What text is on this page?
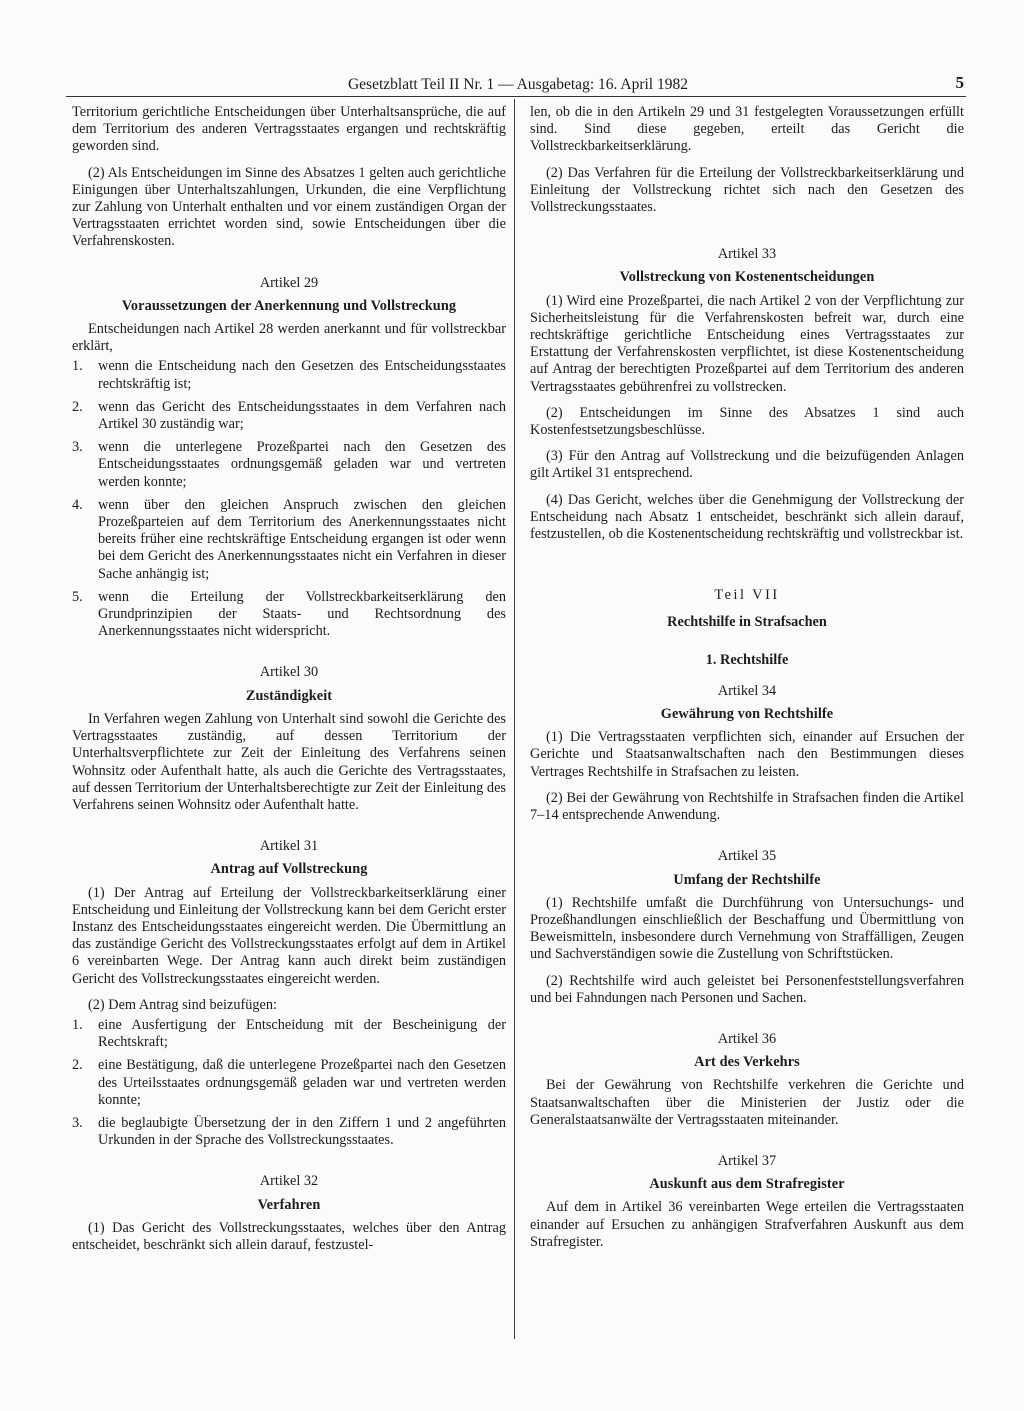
Gesetzblatt Teil II Nr. 1 — Ausgabetag: 16. April 1982	5

Territorium gerichtliche Entscheidungen über Unterhaltsansprüche, die auf dem Territorium des anderen Vertragsstaates ergangen und rechtskräftig geworden sind.

(2) Als Entscheidungen im Sinne des Absatzes 1 gelten auch gerichtliche Einigungen über Unterhaltszahlungen, Urkunden, die eine Verpflichtung zur Zahlung von Unterhalt enthalten und vor einem zuständigen Organ der Vertragsstaaten errichtet worden sind, sowie Entscheidungen über die Verfahrenskosten.

Artikel 29
Voraussetzungen der Anerkennung und Vollstreckung

Entscheidungen nach Artikel 28 werden anerkannt und für vollstreckbar erklärt,

1.	wenn die Entscheidung nach den Gesetzen des Entscheidungsstaates rechtskräftig ist;
2.	wenn das Gericht des Entscheidungsstaates in dem Verfahren nach Artikel 30 zuständig war;
3.	wenn die unterlegene Prozeßpartei nach den Gesetzen des Entscheidungsstaates ordnungsgemäß geladen war und vertreten werden konnte;
4.	wenn über den gleichen Anspruch zwischen den gleichen Prozeßparteien auf dem Territorium des Anerkennungsstaates nicht bereits früher eine rechtskräftige Entscheidung ergangen ist oder wenn bei dem Gericht des Anerkennungsstaates nicht ein Verfahren in dieser Sache anhängig ist;
5.	wenn die Erteilung der Vollstreckbarkeitserklärung den Grundprinzipien der Staats- und Rechtsordnung des Anerkennungsstaates nicht widerspricht.
Artikel 30
Zuständigkeit

In Verfahren wegen Zahlung von Unterhalt sind sowohl die Gerichte des Vertragsstaates zuständig, auf dessen Territorium der Unterhaltsverpflichtete zur Zeit der Einleitung des Verfahrens seinen Wohnsitz oder Aufenthalt hatte, als auch die Gerichte des Vertragsstaates, auf dessen Territorium der Unterhaltsberechtigte zur Zeit der Einleitung des Verfahrens seinen Wohnsitz oder Aufenthalt hatte.

Artikel 31
Antrag auf Vollstreckung

(1) Der Antrag auf Erteilung der Vollstreckbarkeitserklärung einer Entscheidung und Einleitung der Vollstreckung kann bei dem Gericht erster Instanz des Entscheidungsstaates eingereicht werden. Die Übermittlung an das zuständige Gericht des Vollstreckungsstaates erfolgt auf dem in Artikel 6 vereinbarten Wege. Der Antrag kann auch direkt beim zuständigen Gericht des Vollstreckungsstaates eingereicht werden.

(2) Dem Antrag sind beizufügen:

1.	eine Ausfertigung der Entscheidung mit der Bescheinigung der Rechtskraft;
2.	eine Bestätigung, daß die unterlegene Prozeßpartei nach den Gesetzen des Urteilsstaates ordnungsgemäß geladen war und vertreten werden konnte;
3.	die beglaubigte Übersetzung der in den Ziffern 1 und 2 angeführten Urkunden in der Sprache des Vollstreckungsstaates.
Artikel 32
Verfahren

(1) Das Gericht des Vollstreckungsstaates, welches über den Antrag entscheidet, beschränkt sich allein darauf, festzustel-

len, ob die in den Artikeln 29 und 31 festgelegten Voraussetzungen erfüllt sind. Sind diese gegeben, erteilt das Gericht die Vollstreckbarkeitserklärung.

(2) Das Verfahren für die Erteilung der Vollstreckbarkeitserklärung und Einleitung der Vollstreckung richtet sich nach den Gesetzen des Vollstreckungsstaates.

Artikel 33
Vollstreckung von Kostenentscheidungen

(1) Wird eine Prozeßpartei, die nach Artikel 2 von der Verpflichtung zur Sicherheitsleistung für die Verfahrenskosten befreit war, durch eine rechtskräftige gerichtliche Entscheidung eines Vertragsstaates zur Erstattung der Verfahrenskosten verpflichtet, ist diese Kostenentscheidung auf Antrag der berechtigten Prozeßpartei auf dem Territorium des anderen Vertragsstaates gebührenfrei zu vollstrecken.

(2) Entscheidungen im Sinne des Absatzes 1 sind auch Kostenfestsetzungsbeschlüsse.

(3) Für den Antrag auf Vollstreckung und die beizufügenden Anlagen gilt Artikel 31 entsprechend.

(4) Das Gericht, welches über die Genehmigung der Vollstreckung der Entscheidung nach Absatz 1 entscheidet, beschränkt sich allein darauf, festzustellen, ob die Kostenentscheidung rechtskräftig und vollstreckbar ist.

Teil VII
Rechtshilfe in Strafsachen
1. Rechtshilfe
Artikel 34
Gewährung von Rechtshilfe

(1) Die Vertragsstaaten verpflichten sich, einander auf Ersuchen der Gerichte und Staatsanwaltschaften nach den Bestimmungen dieses Vertrages Rechtshilfe in Strafsachen zu leisten.

(2) Bei der Gewährung von Rechtshilfe in Strafsachen finden die Artikel 7–14 entsprechende Anwendung.

Artikel 35
Umfang der Rechtshilfe

(1) Rechtshilfe umfaßt die Durchführung von Untersuchungs- und Prozeßhandlungen einschließlich der Beschaffung und Übermittlung von Beweismitteln, insbesondere durch Vernehmung von Straffälligen, Zeugen und Sachverständigen sowie die Zustellung von Schriftstücken.

(2) Rechtshilfe wird auch geleistet bei Personenfeststellungsverfahren und bei Fahndungen nach Personen und Sachen.

Artikel 36
Art des Verkehrs

Bei der Gewährung von Rechtshilfe verkehren die Gerichte und Staatsanwaltschaften über die Ministerien der Justiz oder die Generalstaatsanwälte der Vertragsstaaten miteinander.

Artikel 37
Auskunft aus dem Strafregister

Auf dem in Artikel 36 vereinbarten Wege erteilen die Vertragsstaaten einander auf Ersuchen zu anhängigen Strafverfahren Auskunft aus dem Strafregister.
